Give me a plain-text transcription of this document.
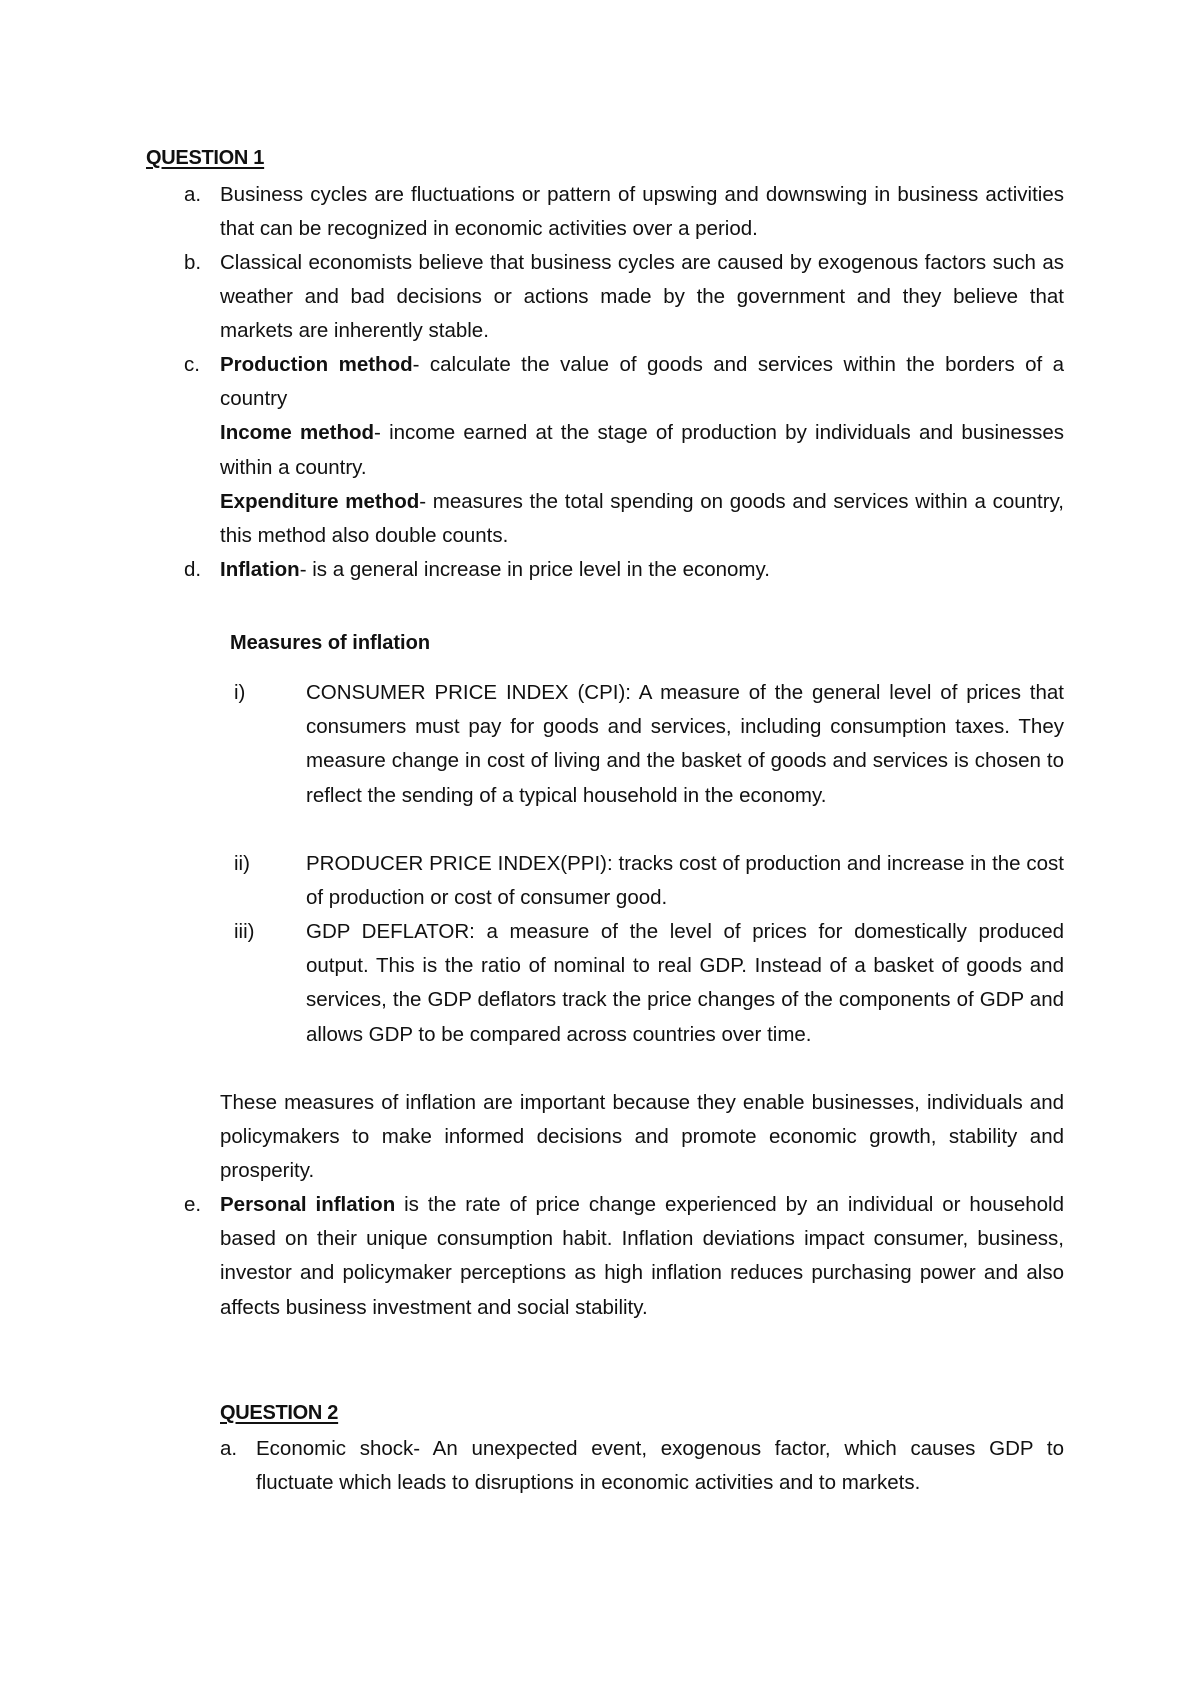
QUESTION 1
a. Business cycles are fluctuations or pattern of upswing and downswing in business activities that can be recognized in economic activities over a period.

b. Classical economists believe that business cycles are caused by exogenous factors such as weather and bad decisions or actions made by the government and they believe that markets are inherently stable.

c. Production method- calculate the value of goods and services within the borders of a country

Income method- income earned at the stage of production by individuals and businesses within a country.

Expenditure method- measures the total spending on goods and services within a country, this method also double counts.

d. Inflation- is a general increase in price level in the economy.

Measures of inflation
i)	CONSUMER PRICE INDEX (CPI): A measure of the general level of prices that consumers must pay for goods and services, including consumption taxes. They measure change in cost of living and the basket of goods and services is chosen to reflect the sending of a typical household in the economy.
ii)	PRODUCER PRICE INDEX(PPI): tracks cost of production and increase in the cost of production or cost of consumer good.
iii)	GDP DEFLATOR: a measure of the level of prices for domestically produced output. This is the ratio of nominal to real GDP. Instead of a basket of goods and services, the GDP deflators track the price changes of the components of GDP and allows GDP to be compared across countries over time.
These measures of inflation are important because they enable businesses, individuals and policymakers to make informed decisions and promote economic growth, stability and prosperity.
e. Personal inflation is the rate of price change experienced by an individual or household based on their unique consumption habit. Inflation deviations impact consumer, business, investor and policymaker perceptions as high inflation reduces purchasing power and also affects business investment and social stability.

QUESTION 2
a. Economic shock- An unexpected event, exogenous factor, which causes GDP to fluctuate which leads to disruptions in economic activities and to markets.
